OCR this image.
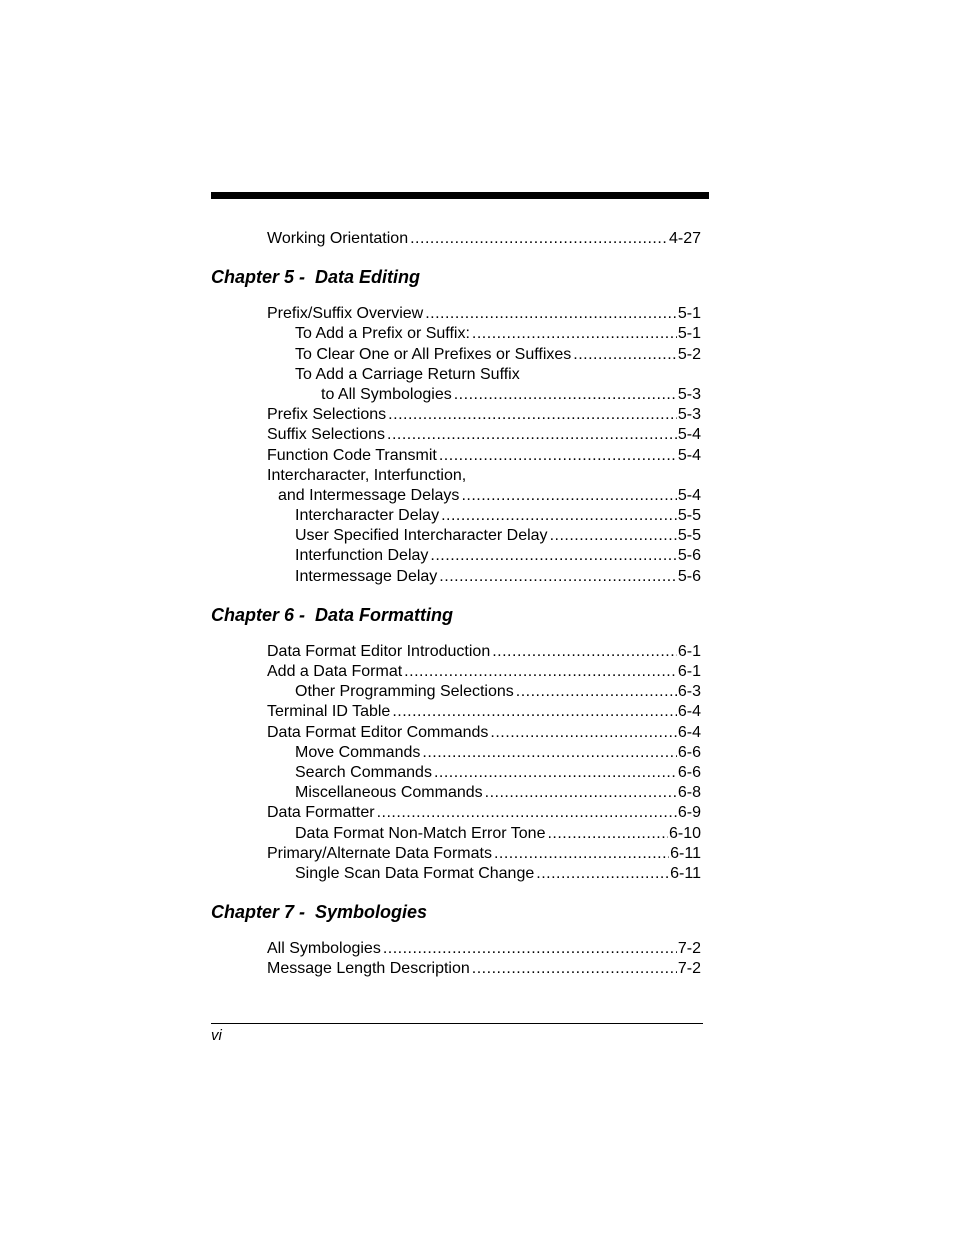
Working Orientation .....	4-27
Chapter 5 -  Data Editing
Prefix/Suffix Overview .....	5-1
To Add a Prefix or Suffix: .....	5-1
To Clear One or All Prefixes or Suffixes .....	5-2
To Add a Carriage Return Suffix
to All Symbologies .....	5-3
Prefix Selections .....	5-3
Suffix Selections .....	5-4
Function Code Transmit .....	5-4
Intercharacter, Interfunction,
and Intermessage Delays .....	5-4
Intercharacter Delay .....	5-5
User Specified Intercharacter Delay .....	5-5
Interfunction Delay .....	5-6
Intermessage Delay .....	5-6
Chapter 6 -  Data Formatting
Data Format Editor Introduction .....	6-1
Add a Data Format .....	6-1
Other Programming Selections .....	6-3
Terminal ID Table .....	6-4
Data Format Editor Commands .....	6-4
Move Commands .....	6-6
Search Commands .....	6-6
Miscellaneous Commands .....	6-8
Data Formatter .....	6-9
Data Format Non-Match Error Tone .....	6-10
Primary/Alternate Data Formats .....	6-11
Single Scan Data Format Change .....	6-11
Chapter 7 -  Symbologies
All Symbologies .....	7-2
Message Length Description .....	7-2
vi
